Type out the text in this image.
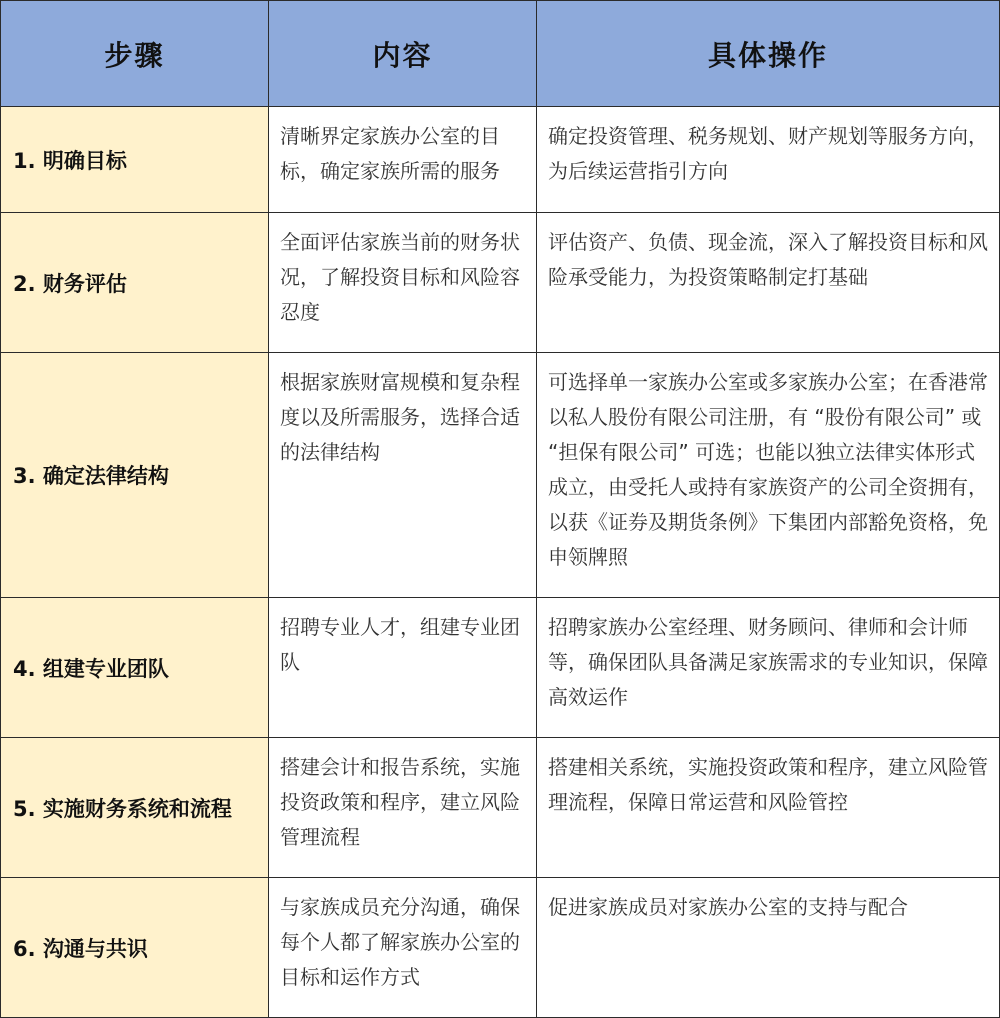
步骤	内容	具体操作
1. 明确目标	清晰界定家族办公室的目标，确定家族所需的服务	确定投资管理、税务规划、财产规划等服务方向，为后续运营指引方向
2. 财务评估	全面评估家族当前的财务状况，了解投资目标和风险容忍度	评估资产、负债、现金流，深入了解投资目标和风险承受能力，为投资策略制定打基础
3. 确定法律结构	根据家族财富规模和复杂程度以及所需服务，选择合适的法律结构	可选择单一家族办公室或多家族办公室；在香港常以私人股份有限公司注册，有 “股份有限公司” 或 “担保有限公司” 可选；也能以独立法律实体形式成立，由受托人或持有家族资产的公司全资拥有，以获《证券及期货条例》下集团内部豁免资格，免申领牌照
4. 组建专业团队	招聘专业人才，组建专业团队	招聘家族办公室经理、财务顾问、律师和会计师等，确保团队具备满足家族需求的专业知识，保障高效运作
5. 实施财务系统和流程	搭建会计和报告系统，实施投资政策和程序，建立风险管理流程	搭建相关系统，实施投资政策和程序，建立风险管理流程，保障日常运营和风险管控
6. 沟通与共识	与家族成员充分沟通，确保每个人都了解家族办公室的目标和运作方式	促进家族成员对家族办公室的支持与配合
